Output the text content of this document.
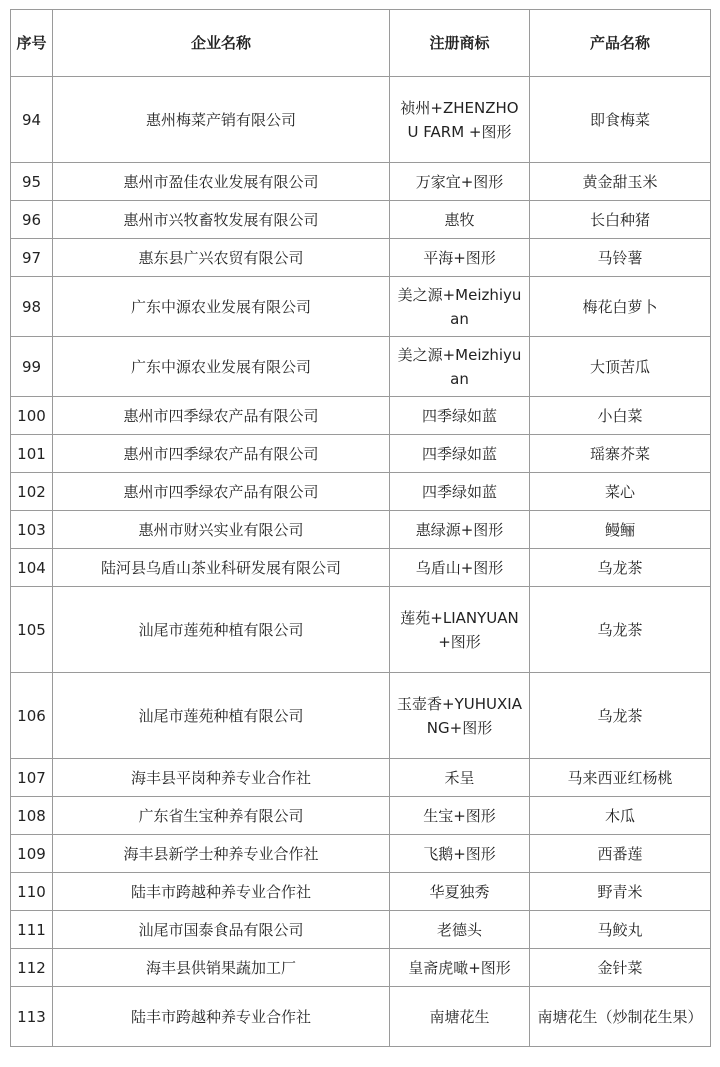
序号	企业名称	注册商标	产品名称
94	惠州梅菜产销有限公司	祯州+ZHENZHOU FARM +图形	即食梅菜
95	惠州市盈佳农业发展有限公司	万家宜+图形	黄金甜玉米
96	惠州市兴牧畜牧发展有限公司	惠牧	长白种猪
97	惠东县广兴农贸有限公司	平海+图形	马铃薯
98	广东中源农业发展有限公司	美之源+Meizhiyuan	梅花白萝卜
99	广东中源农业发展有限公司	美之源+Meizhiyuan	大顶苦瓜
100	惠州市四季绿农产品有限公司	四季绿如蓝	小白菜
101	惠州市四季绿农产品有限公司	四季绿如蓝	瑶寨芥菜
102	惠州市四季绿农产品有限公司	四季绿如蓝	菜心
103	惠州市财兴实业有限公司	惠绿源+图形	鳗鲡
104	陆河县乌盾山茶业科研发展有限公司	乌盾山+图形	乌龙茶
105	汕尾市莲苑种植有限公司	莲苑+LIANYUAN+图形	乌龙茶
106	汕尾市莲苑种植有限公司	玉壶香+YUHUXIANG+图形	乌龙茶
107	海丰县平岗种养专业合作社	禾呈	马来西亚红杨桃
108	广东省生宝种养有限公司	生宝+图形	木瓜
109	海丰县新学士种养专业合作社	飞鹅+图形	西番莲
110	陆丰市跨越种养专业合作社	华夏独秀	野青米
111	汕尾市国泰食品有限公司	老德头	马鲛丸
112	海丰县供销果蔬加工厂	皇斋虎噉+图形	金针菜
113	陆丰市跨越种养专业合作社	南塘花生	南塘花生（炒制花生果）
